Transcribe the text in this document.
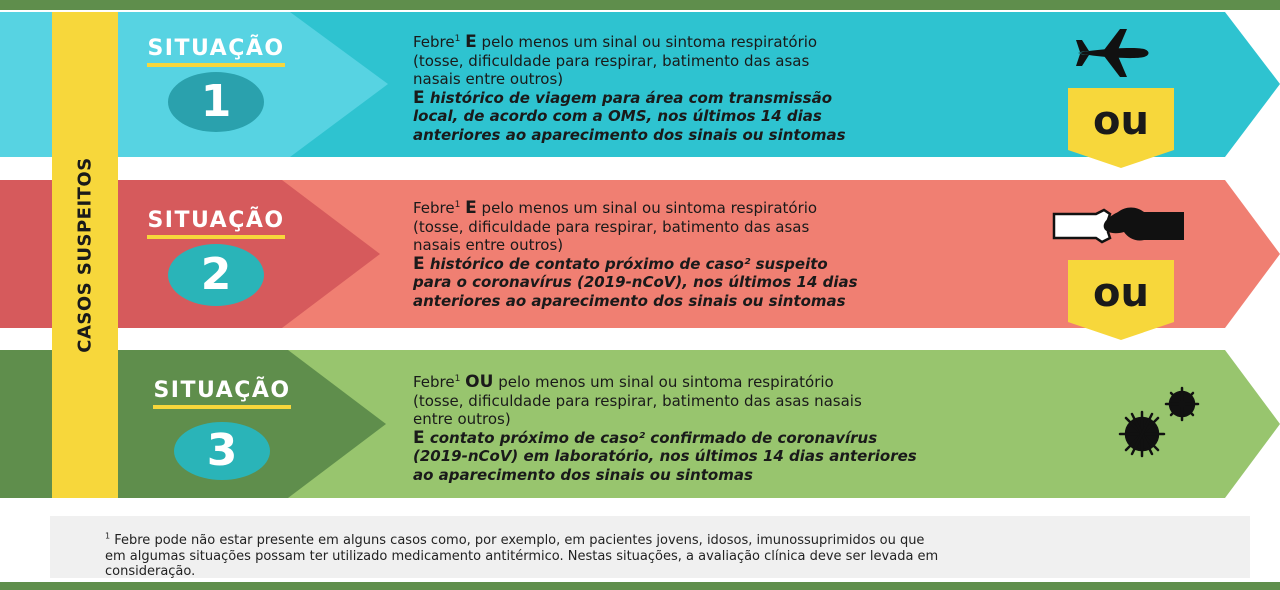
SITUAÇÃO
1
Febre$^1$ E pelo menos um sinal ou sintoma respiratório
(tosse, dificuldade para respirar, batimento das asas
nasais entre outros)
E histórico de viagem para área com transmissão
local, de acordo com a OMS, nos últimos 14 dias
anteriores ao aparecimento dos sinais ou sintomas
SITUAÇÃO
2
Febre$^1$ E pelo menos um sinal ou sintoma respiratório
(tosse, dificuldade para respirar, batimento das asas
nasais entre outros)
E histórico de contato próximo de caso² suspeito
para o coronavírus (2019-nCoV), nos últimos 14 dias
anteriores ao aparecimento dos sinais ou sintomas
SITUAÇÃO
3
Febre$^1$ OU pelo menos um sinal ou sintoma respiratório
(tosse, dificuldade para respirar, batimento das asas nasais
entre outros)
E contato próximo de caso² confirmado de coronavírus
(2019-nCoV) em laboratório, nos últimos 14 dias anteriores
ao aparecimento dos sinais ou sintomas
CASOS SUSPEITOS
ou
ou

$^1$ Febre pode não estar presente em alguns casos como, por exemplo, em pacientes jovens, idosos, imunossuprimidos ou que
em algumas situações possam ter utilizado medicamento antitérmico. Nestas situações, a avaliação clínica deve ser levada em
consideração.
